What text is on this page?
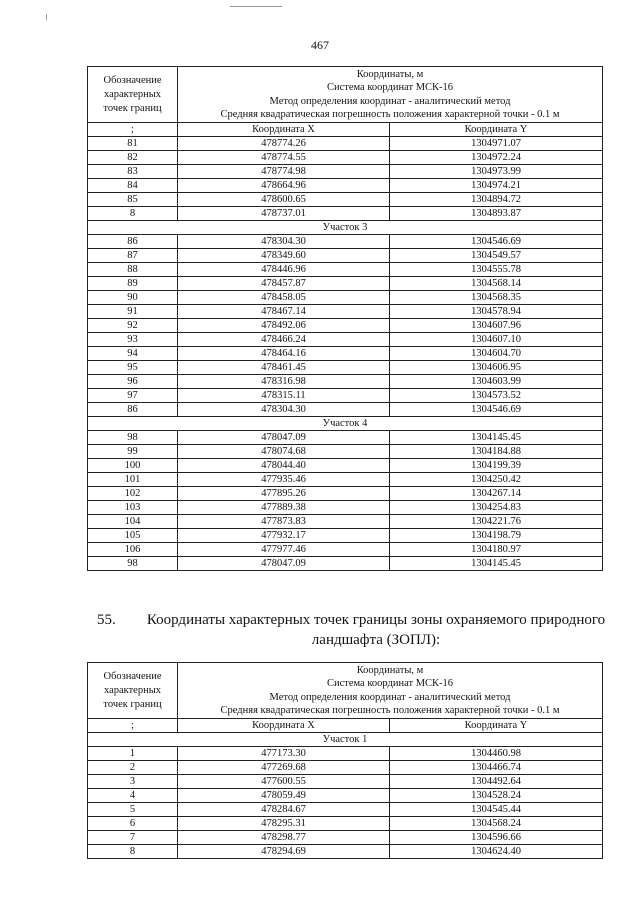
467
Обозначение характерных точек границ	Координаты, м
Система координат МСК-16
Метод определения координат - аналитический метод
Средняя квадратическая погрешность положения характерной точки - 0.1 м	

;	Координата X	Координата Y
81	478774.26	1304971.07
82	478774.55	1304972.24
83	478774.98	1304973.99
84	478664.96	1304974.21
85	478600.65	1304894.72
8	478737.01	1304893.87
Участок 3		
86	478304.30	1304546.69
87	478349.60	1304549.57
88	478446.96	1304555.78
89	478457.87	1304568.14
90	478458.05	1304568.35
91	478467.14	1304578.94
92	478492.06	1304607.96
93	478466.24	1304607.10
94	478464.16	1304604.70
95	478461.45	1304606.95
96	478316.98	1304603.99
97	478315.11	1304573.52
86	478304.30	1304546.69
Участок 4		
98	478047.09	1304145.45
99	478074.68	1304184.88
100	478044.40	1304199.39
101	477935.46	1304250.42
102	477895.26	1304267.14
103	477889.38	1304254.83
104	477873.83	1304221.76
105	477932.17	1304198.79
106	477977.46	1304180.97
98	478047.09	1304145.45
55.	Координаты характерных точек границы зоны охраняемого природного ландшафта (ЗОПЛ):
Обозначение характерных точек границ	Координаты, м
Система координат МСК-16
Метод определения координат - аналитический метод
Средняя квадратическая погрешность положения характерной точки - 0.1 м	

;	Координата X	Координата Y
Участок 1		
1	477173.30	1304460.98
2	477269.68	1304466.74
3	477600.55	1304492.64
4	478059.49	1304528.24
5	478284.67	1304545.44
6	478295.31	1304568.24
7	478298.77	1304596.66
8	478294.69	1304624.40
